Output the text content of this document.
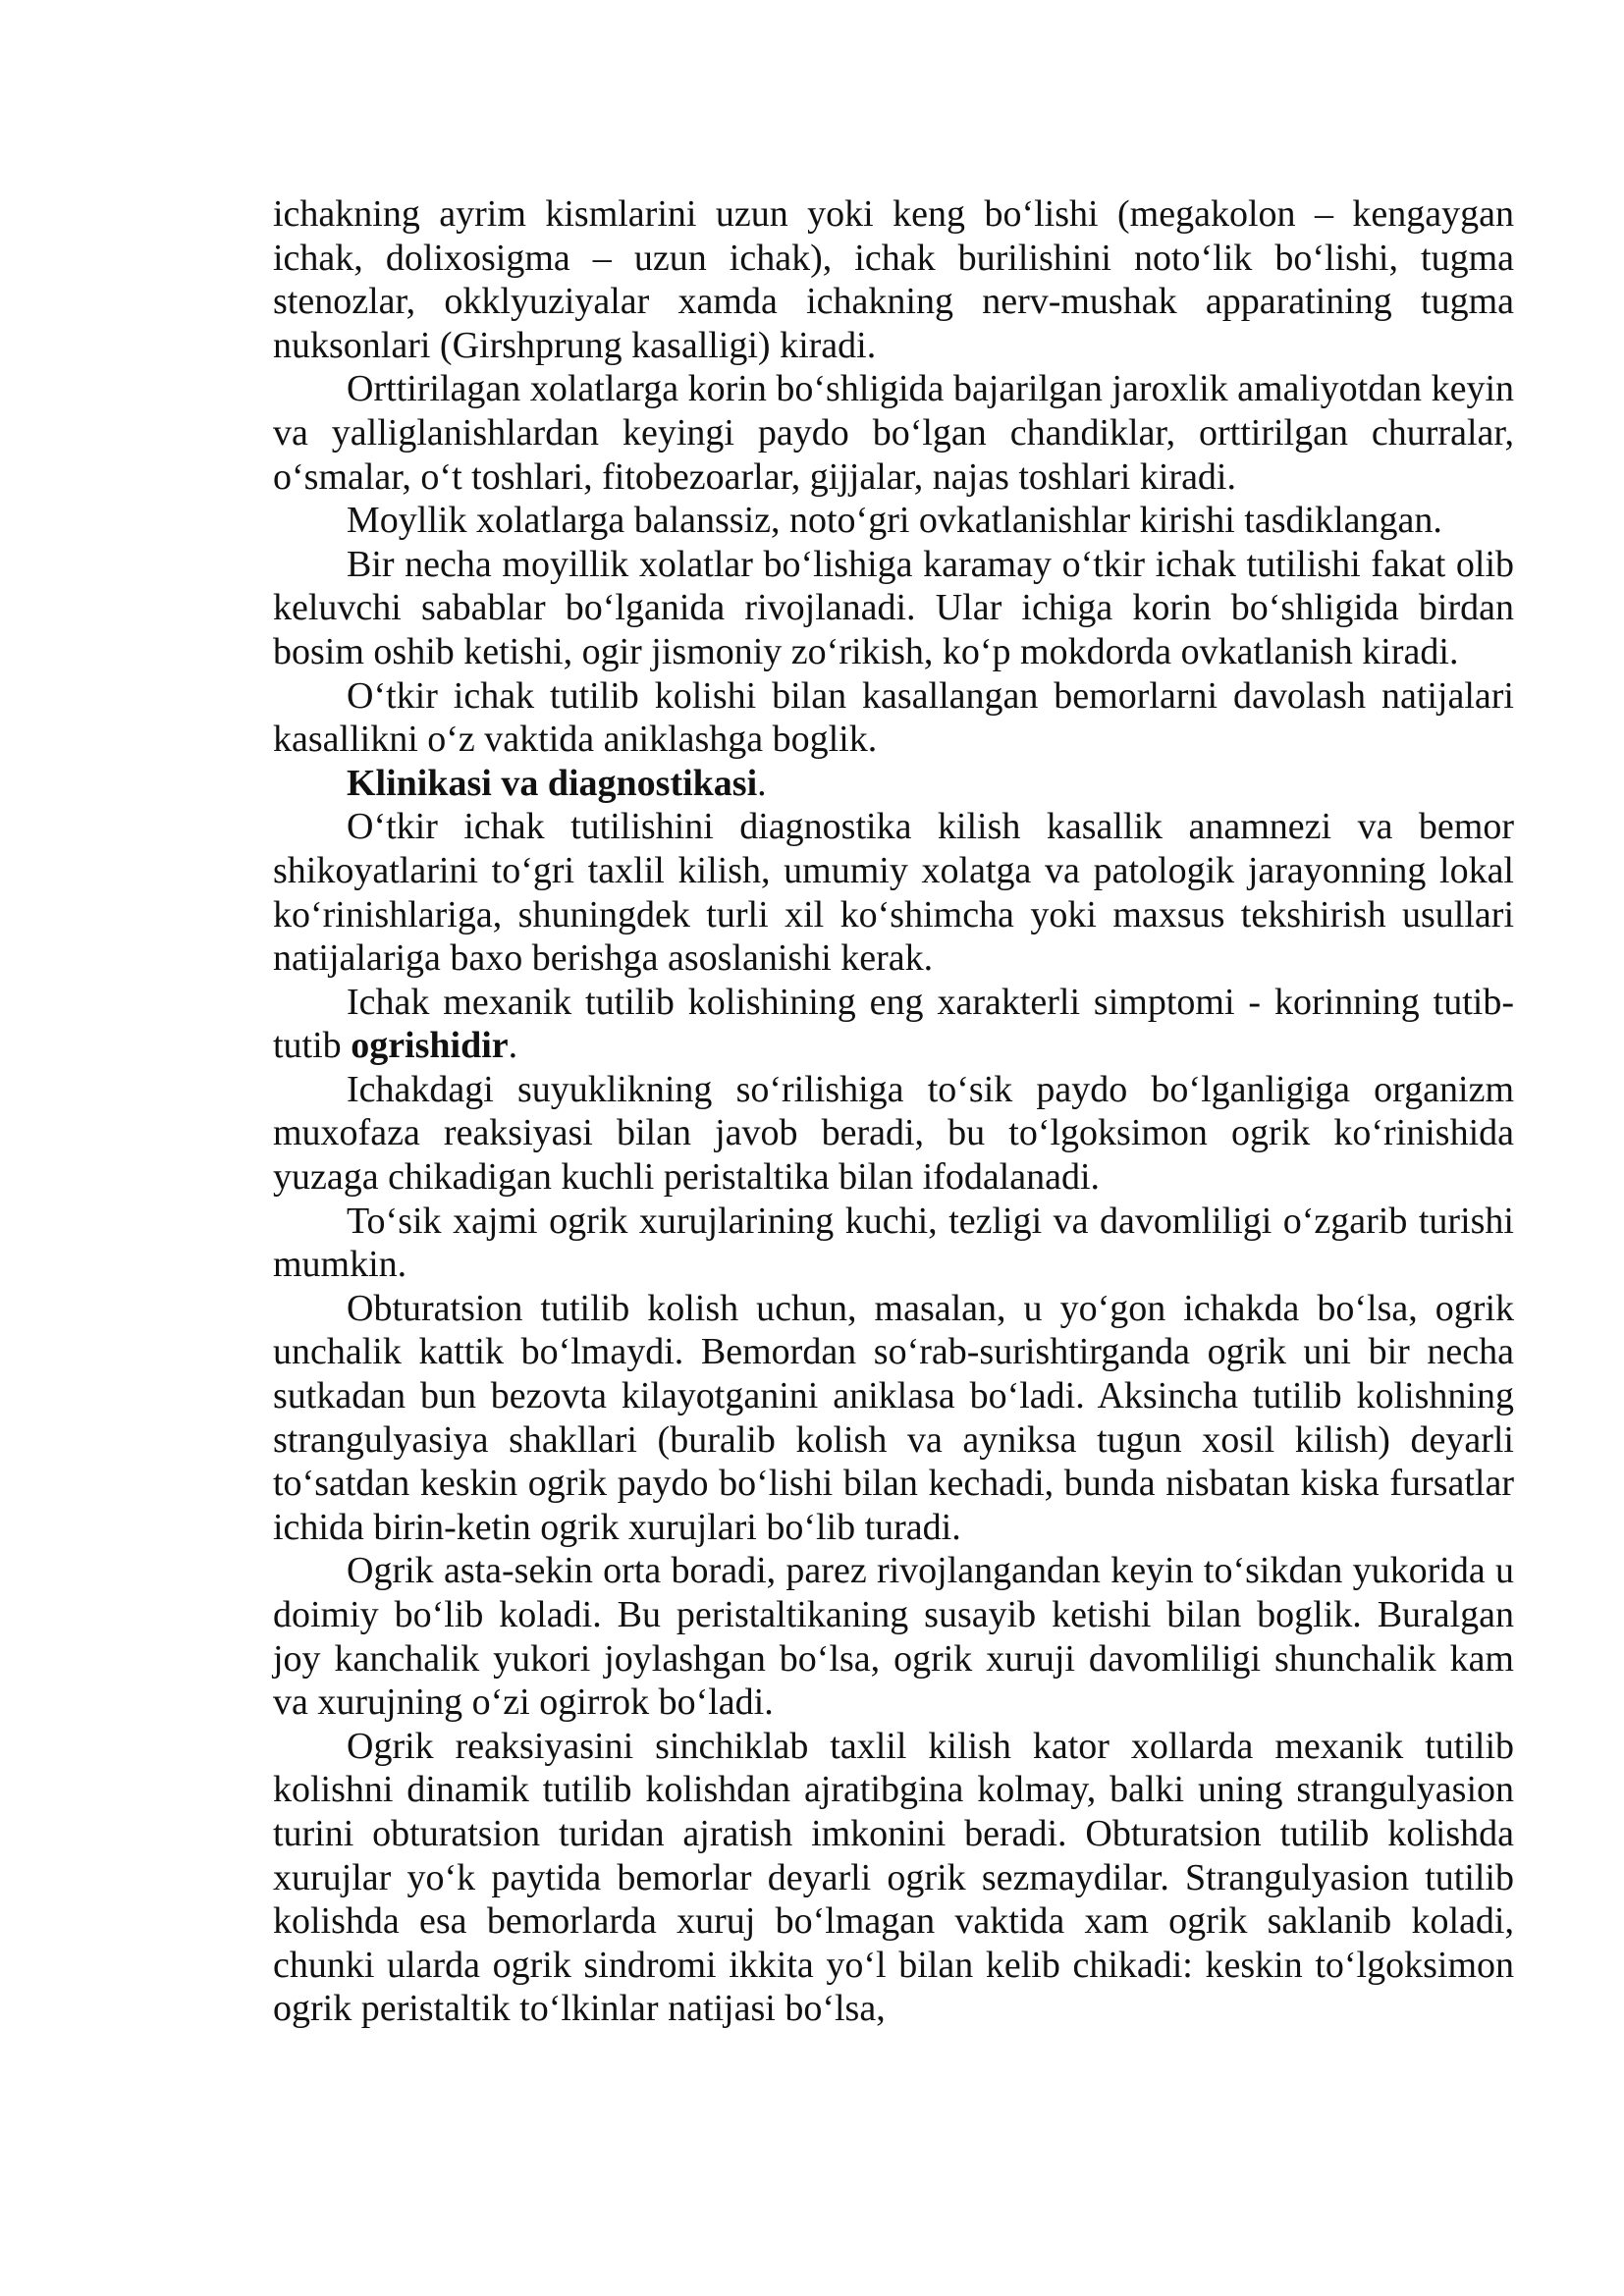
ichakning ayrim kismlarini uzun yoki keng bo‘lishi (megakolon – kengaygan ichak, dolixosigma – uzun ichak), ichak burilishini noto‘lik bo‘lishi, tugma stenozlar, okklyuziyalar xamda ichakning nerv-mushak apparatining tugma nuksonlari (Girshprung kasalligi) kiradi.

Orttirilagan xolatlarga korin bo‘shligida bajarilgan jaroxlik amaliyotdan keyin va yalliglanishlardan keyingi paydo bo‘lgan chandiklar, orttirilgan churralar, o‘smalar, o‘t toshlari, fitobezoarlar, gijjalar, najas toshlari kiradi.

Moyllik xolatlarga balanssiz, noto‘gri ovkatlanishlar kirishi tasdiklangan.

Bir necha moyillik xolatlar bo‘lishiga karamay o‘tkir ichak tutilishi fakat olib keluvchi sabablar bo‘lganida rivojlanadi. Ular ichiga korin bo‘shligida birdan bosim oshib ketishi, ogir jismoniy zo‘rikish, ko‘p mokdorda ovkatlanish kiradi.

O‘tkir ichak tutilib kolishi bilan kasallangan bemorlarni davolash natijalari kasallikni o‘z vaktida aniklashga boglik.

Klinikasi va diagnostikasi.

O‘tkir ichak tutilishini diagnostika kilish kasallik anamnezi va bemor shikoyatlarini to‘gri taxlil kilish, umumiy xolatga va patologik jarayonning lokal ko‘rinishlariga, shuningdek turli xil ko‘shimcha yoki maxsus tekshirish usullari natijalariga baxo berishga asoslanishi kerak.

Ichak mexanik tutilib kolishining eng xarakterli simptomi - korinning tutib-tutib ogrishidir.

Ichakdagi suyuklikning so‘rilishiga to‘sik paydo bo‘lganligiga organizm muxofaza reaksiyasi bilan javob beradi, bu to‘lgoksimon ogrik ko‘rinishida yuzaga chikadigan kuchli peristaltika bilan ifodalanadi.

To‘sik xajmi ogrik xurujlarining kuchi, tezligi va davomliligi o‘zgarib turishi mumkin.

Obturatsion tutilib kolish uchun, masalan, u yo‘gon ichakda bo‘lsa, ogrik unchalik kattik bo‘lmaydi. Bemordan so‘rab-surishtirganda ogrik uni bir necha sutkadan bun bezovta kilayotganini aniklasa bo‘ladi. Aksincha tutilib kolishning strangulyasiya shakllari (buralib kolish va ayniksa tugun xosil kilish) deyarli to‘satdan keskin ogrik paydo bo‘lishi bilan kechadi, bunda nisbatan kiska fursatlar ichida birin-ketin ogrik xurujlari bo‘lib turadi.

Ogrik asta-sekin orta boradi, parez rivojlangandan keyin to‘sikdan yukorida u doimiy bo‘lib koladi. Bu peristaltikaning susayib ketishi bilan boglik. Buralgan joy kanchalik yukori joylashgan bo‘lsa, ogrik xuruji davomliligi shunchalik kam va xurujning o‘zi ogirrok bo‘ladi.

Ogrik reaksiyasini sinchiklab taxlil kilish kator xollarda mexanik tutilib kolishni dinamik tutilib kolishdan ajratibgina kolmay, balki uning strangulyasion turini obturatsion turidan ajratish imkonini beradi. Obturatsion tutilib kolishda xurujlar yo‘k paytida bemorlar deyarli ogrik sezmaydilar. Strangulyasion tutilib kolishda esa bemorlarda xuruj bo‘lmagan vaktida xam ogrik saklanib koladi, chunki ularda ogrik sindromi ikkita yo‘l bilan kelib chikadi: keskin to‘lgoksimon ogrik peristaltik to‘lkinlar natijasi bo‘lsa,
